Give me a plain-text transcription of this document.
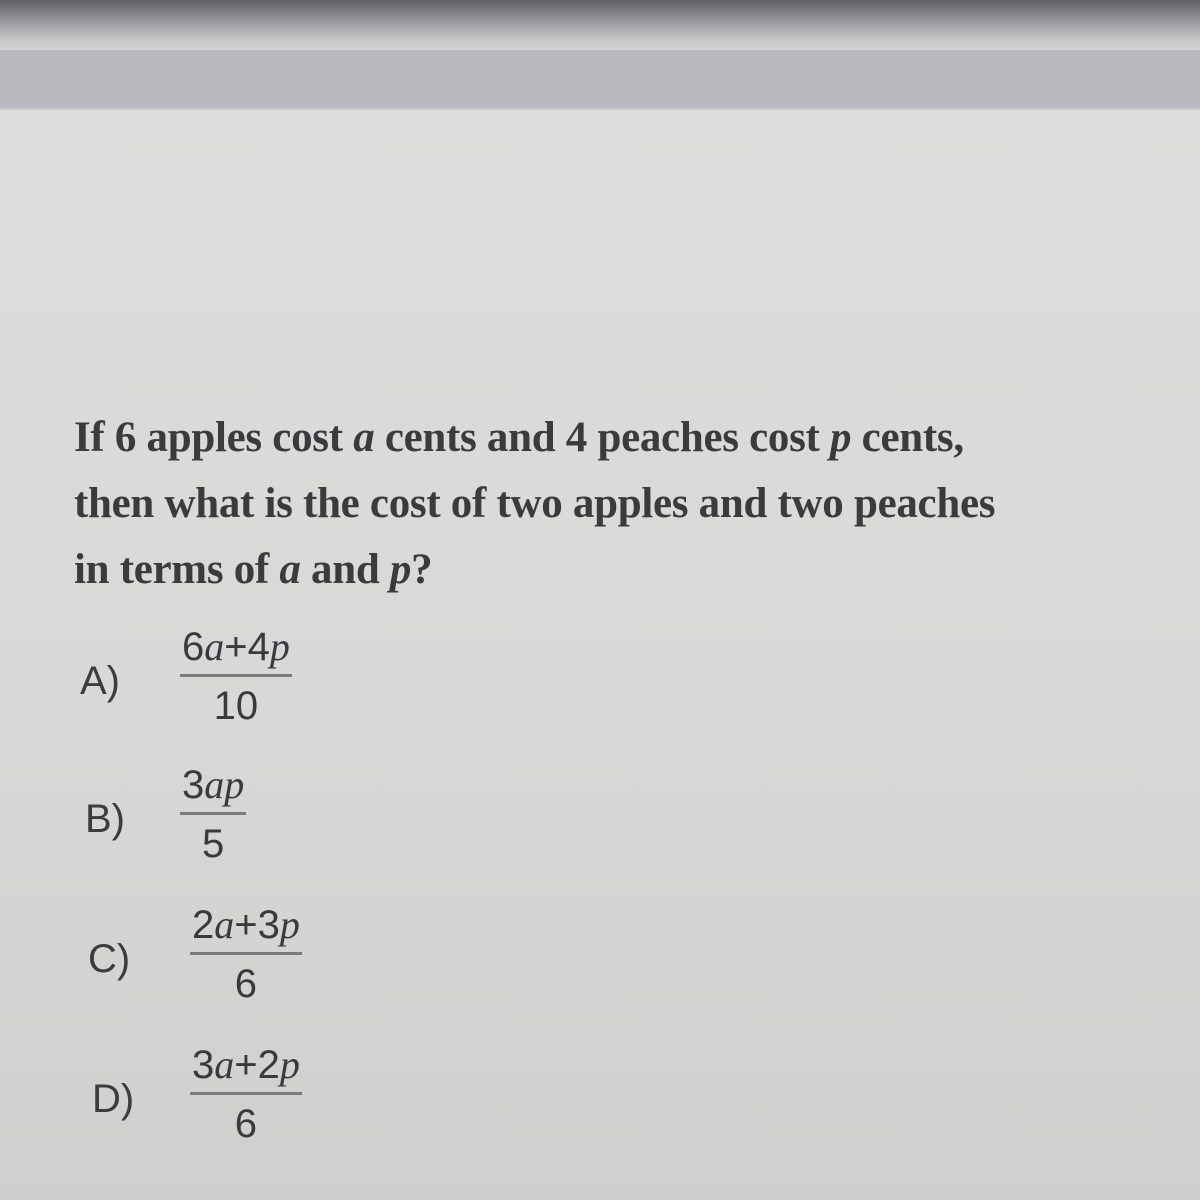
If 6 apples cost a cents and 4 peaches cost p cents,
then what is the cost of two apples and two peaches
in terms of a and p?

A)
6a+4p
10
B)
3ap
5
C)
2a+3p
6
D)
3a+2p
6
